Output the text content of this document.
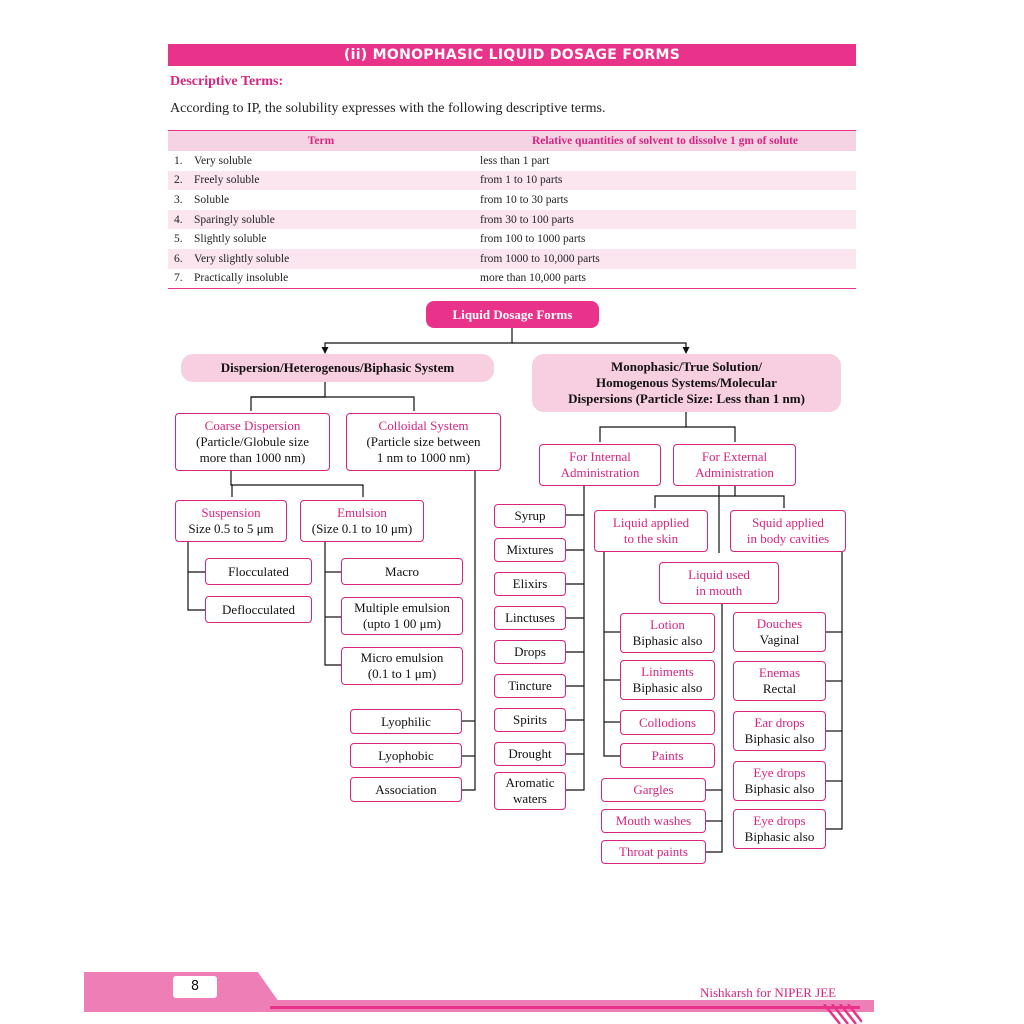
(ii) MONOPHASIC LIQUID DOSAGE FORMS
Descriptive Terms:
According to IP, the solubility expresses with the following descriptive terms.
Term	Relative quantities of solvent to dissolve 1 gm of solute
1. Very soluble	less than 1 part
2. Freely soluble	from 1 to 10 parts
3. Soluble	from 10 to 30 parts
4. Sparingly soluble	from 30 to 100 parts
5. Slightly soluble	from 100 to 1000 parts
6. Very slightly soluble	from 1000 to 10,000 parts
7. Practically insoluble	more than 10,000 parts
Liquid Dosage Forms
Dispersion/Heterogenous/Biphasic System	Monophasic/True Solution/
Homogenous Systems/Molecular
Dispersions (Particle Size: Less than 1 nm)
Coarse Dispersion
(Particle/Globule size
more than 1000 nm)
Colloidal System
(Particle size between
1 nm to 1000 nm)
Suspension
Size 0.5 to 5 μm
Emulsion
(Size 0.1 to 10 μm)
Flocculated
Deflocculated
Macro
Multiple emulsion
(upto 1 00 μm)
Micro emulsion
(0.1 to 1 μm)
Lyophilic
Lyophobic
Association
For Internal
Administration
For External
Administration
Syrup
Mixtures
Elixirs
Linctuses
Drops
Tincture
Spirits
Drought
Aromatic
waters
Liquid applied
to the skin
Squid applied
in body cavities
Liquid used
in mouth
Lotion
Biphasic also
Liniments
Biphasic also
Collodions
Paints
Gargles
Mouth washes
Throat paints
Douches
Vaginal
Enemas
Rectal
Ear drops
Biphasic also
Eye drops
Biphasic also
Eye drops
Biphasic also
8	Nishkarsh for NIPER JEE
